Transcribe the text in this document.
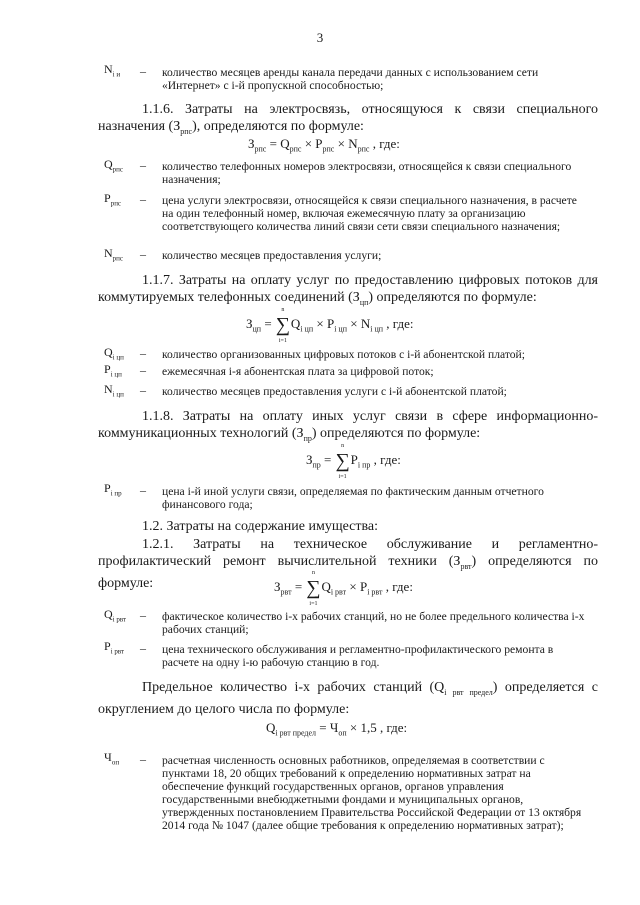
3
$N_{i и}$ – количество месяцев аренды канала передачи данных с использованием сети «Интернет» с i-й пропускной способностью;
1.1.6. Затраты на электросвязь, относящуюся к связи специального назначения $(З_{рпс})$, определяются по формуле:
$З_{рпс} = Q_{рпс} \times P_{рпс} \times N_{рпс}$ , где:
$Q_{рпс}$ – количество телефонных номеров электросвязи, относящейся к связи специального назначения;
$P_{рпс}$ – цена услуги электросвязи, относящейся к связи специального назначения, в расчете на один телефонный номер, включая ежемесячную плату за организацию соответствующего количества линий связи сети связи специального назначения;
$N_{рпс}$ – количество месяцев предоставления услуги;
1.1.7. Затраты на оплату услуг по предоставлению цифровых потоков для коммутируемых телефонных соединений $(З_{цп})$ определяются по формуле:
$З_{цп}$ =
n
∑
i=1
$Q_{i цп} \times P_{i цп} \times N_{i цп}$ , где:
$Q_{i цп}$ – количество организованных цифровых потоков с i-й абонентской платой;
$P_{i цп}$ – ежемесячная i-я абонентская плата за цифровой поток;
$N_{i цп}$ – количество месяцев предоставления услуги с i-й абонентской платой;
1.1.8. Затраты на оплату иных услуг связи в сфере информационно-коммуникационных технологий $(З_{пр})$ определяются по формуле:
$З_{пр}$ =
n
∑
i=1
$P_{i пр}$ , где:
$P_{i пр}$ – цена i-й иной услуги связи, определяемая по фактическим данным отчетного финансового года;
1.2. Затраты на содержание имущества:
1.2.1. Затраты на техническое обслуживание и регламентно-профилактический ремонт вычислительной техники $(З_{рвт})$ определяются по формуле:	$З_{рвт}$ =
n
∑
i=1
$Q_{i рвт} \times P_{i рвт}$ , где:
$Q_{i рвт}$ – фактическое количество i-х рабочих станций, но не более предельного количества i-х рабочих станций;
$P_{i рвт}$ – цена технического обслуживания и регламентно-профилактического ремонта в расчете на одну i-ю рабочую станцию в год.
Предельное количество i-х рабочих станций $(Q_{i рвт предел})$ определяется с округлением до целого числа по формуле:
$Q_{i рвт предел} = Ч_{оп} \times 1,5$ , где:
$Ч_{оп}$ – расчетная численность основных работников, определяемая в соответствии с пунктами 18, 20 общих требований к определению нормативных затрат на обеспечение функций государственных органов, органов управления государственными внебюджетными фондами и муниципальных органов, утвержденных постановлением Правительства Российской Федерации от 13 октября 2014 года № 1047 (далее общие требования к определению нормативных затрат);
